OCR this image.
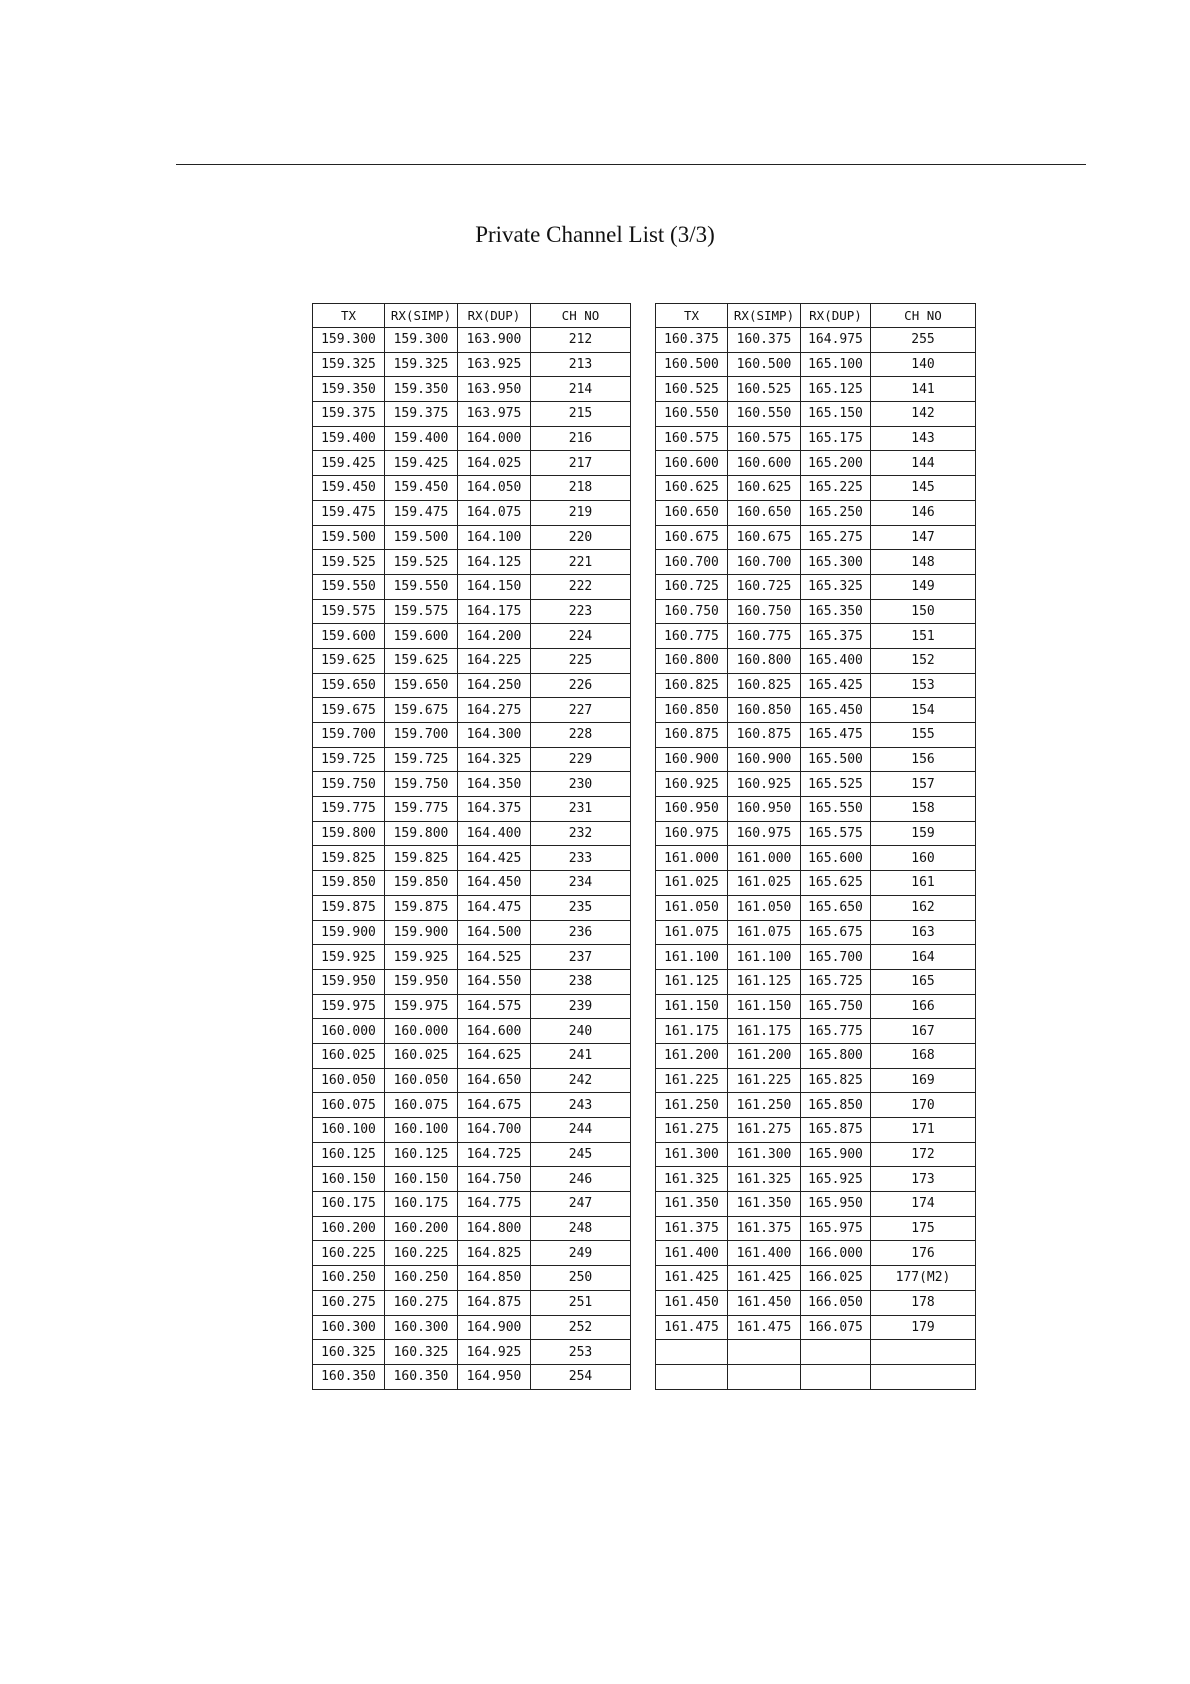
Private Channel List (3/3)
TX	RX(SIMP)	RX(DUP)	CH NO
159.300	159.300	163.900	212
159.325	159.325	163.925	213
159.350	159.350	163.950	214
159.375	159.375	163.975	215
159.400	159.400	164.000	216
159.425	159.425	164.025	217
159.450	159.450	164.050	218
159.475	159.475	164.075	219
159.500	159.500	164.100	220
159.525	159.525	164.125	221
159.550	159.550	164.150	222
159.575	159.575	164.175	223
159.600	159.600	164.200	224
159.625	159.625	164.225	225
159.650	159.650	164.250	226
159.675	159.675	164.275	227
159.700	159.700	164.300	228
159.725	159.725	164.325	229
159.750	159.750	164.350	230
159.775	159.775	164.375	231
159.800	159.800	164.400	232
159.825	159.825	164.425	233
159.850	159.850	164.450	234
159.875	159.875	164.475	235
159.900	159.900	164.500	236
159.925	159.925	164.525	237
159.950	159.950	164.550	238
159.975	159.975	164.575	239
160.000	160.000	164.600	240
160.025	160.025	164.625	241
160.050	160.050	164.650	242
160.075	160.075	164.675	243
160.100	160.100	164.700	244
160.125	160.125	164.725	245
160.150	160.150	164.750	246
160.175	160.175	164.775	247
160.200	160.200	164.800	248
160.225	160.225	164.825	249
160.250	160.250	164.850	250
160.275	160.275	164.875	251
160.300	160.300	164.900	252
160.325	160.325	164.925	253
160.350	160.350	164.950	254
TX	RX(SIMP)	RX(DUP)	CH NO
160.375	160.375	164.975	255
160.500	160.500	165.100	140
160.525	160.525	165.125	141
160.550	160.550	165.150	142
160.575	160.575	165.175	143
160.600	160.600	165.200	144
160.625	160.625	165.225	145
160.650	160.650	165.250	146
160.675	160.675	165.275	147
160.700	160.700	165.300	148
160.725	160.725	165.325	149
160.750	160.750	165.350	150
160.775	160.775	165.375	151
160.800	160.800	165.400	152
160.825	160.825	165.425	153
160.850	160.850	165.450	154
160.875	160.875	165.475	155
160.900	160.900	165.500	156
160.925	160.925	165.525	157
160.950	160.950	165.550	158
160.975	160.975	165.575	159
161.000	161.000	165.600	160
161.025	161.025	165.625	161
161.050	161.050	165.650	162
161.075	161.075	165.675	163
161.100	161.100	165.700	164
161.125	161.125	165.725	165
161.150	161.150	165.750	166
161.175	161.175	165.775	167
161.200	161.200	165.800	168
161.225	161.225	165.825	169
161.250	161.250	165.850	170
161.275	161.275	165.875	171
161.300	161.300	165.900	172
161.325	161.325	165.925	173
161.350	161.350	165.950	174
161.375	161.375	165.975	175
161.400	161.400	166.000	176
161.425	161.425	166.025	177(M2)
161.450	161.450	166.050	178
161.475	161.475	166.075	179
